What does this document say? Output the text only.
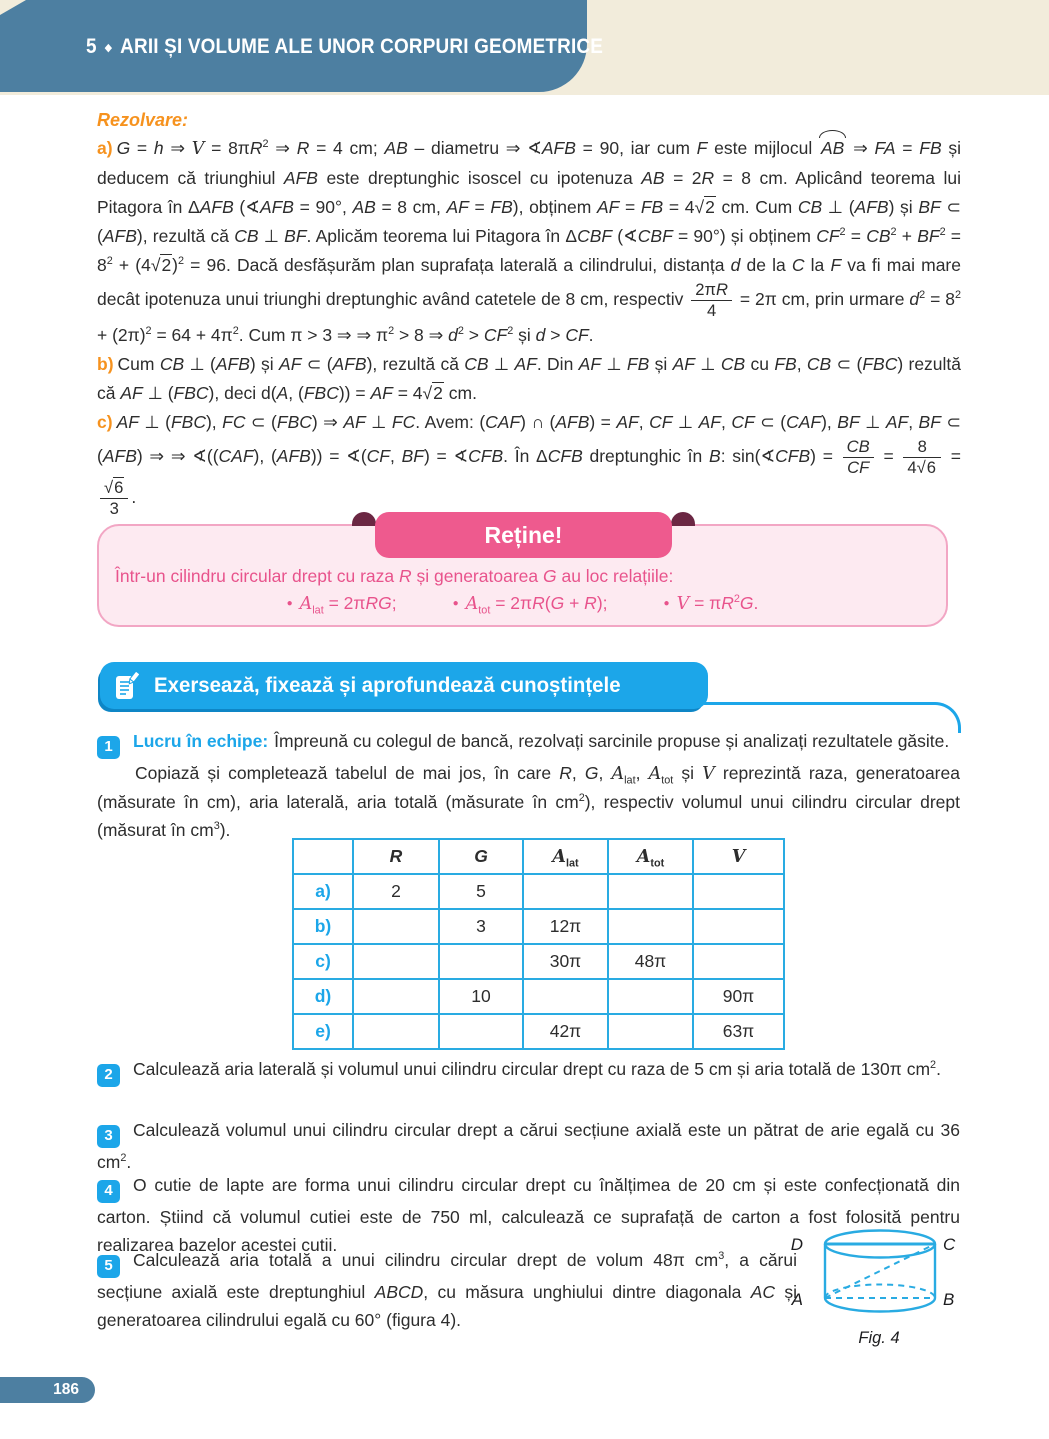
5 ◆ ARII ȘI VOLUME ALE UNOR CORPURI GEOMETRICE

Rezolvare:

a) G = h ⇒ $V = 8\pi R^2$ ⇒ R = 4 cm; AB – diametru ⇒ ∢AFB = 90, iar cum F este mijlocul AB ⇒ FA = FB și deducem că triunghiul AFB este dreptunghic isoscel cu ipotenuza AB = 2R = 8 cm. Aplicând teorema lui Pitagora în ΔAFB (∢AFB = 90°, AB = 8 cm, AF = FB), obținem AF = FB = 4√2 cm. Cum CB ⊥ (AFB) și BF ⊂ (AFB), rezultă că CB ⊥ BF. Aplicăm teorema lui Pitagora în ΔCBF (∢CBF = 90°) și obținem $CF^2 = CB^2 + BF^2 = 8^2 + (4√2)^2 = 96$. Dacă desfășurăm plan suprafața laterală a cilindrului, distanța d de la C la F va fi mai mare decât ipotenuza unui triunghi dreptunghic având catetele de 8 cm, respectiv $\frac{2\pi R}{4} = 2\pi$ cm, prin urmare $d^2 = 8^2 + (2\pi)^2 = 64 + 4\pi^2$. Cum π > 3 ⇒ ⇒ $\pi^2 > 8$ ⇒ $d^2 > CF^2$ și d > CF.

b) Cum CB ⊥ (AFB) și AF ⊂ (AFB), rezultă că CB ⊥ AF. Din AF ⊥ FB și AF ⊥ CB cu FB, CB ⊂ (FBC) rezultă că AF ⊥ (FBC), deci d(A, (FBC)) = AF = 4√2 cm.

c) AF ⊥ (FBC), FC ⊂ (FBC) ⇒ AF ⊥ FC. Avem: (CAF) ∩ (AFB) = AF, CF ⊥ AF, CF ⊂ (CAF), BF ⊥ AF, BF ⊂ (AFB) ⇒ ⇒ ∢((CAF), (AFB)) = ∢(CF, BF) = ∢CFB. În ΔCFB dreptunghic în B: sin(∢CFB) = $\frac{CB}{CF} = \frac{8}{4√6}$ =
$\frac{√6}{3}$ .

Reține!

Într-un cilindru circular drept cu raza R și generatoarea G au loc relațiile:

● $A_{lat} = 2\pi RG$;	● $A_{tot} = 2\pi R(G + R)$;	● $V = \pi R^2G$.
Exersează, fixează și aprofundează cunoștințele

1 Lucru în echipe: Împreună cu colegul de bancă, rezolvați sarcinile propuse și analizați rezultatele găsite.

Copiază și completează tabelul de mai jos, în care R, G, $A_{lat}$, $A_{tot}$ și V reprezintă raza, generatoarea (măsurate în cm), aria laterală, aria totală (măsurate în $cm^2$), respectiv volumul unui cilindru circular drept (măsurat în $cm^3$).

	R	G	$A_{lat}$	$A_{tot}$	V
a)	2	5			
b)		3	12π		
c)			30π	48π	
d)		10			90π
e)			42π		63π

2 Calculează aria laterală și volumul unui cilindru circular drept cu raza de 5 cm și aria totală de 130π $cm^2$.

3 Calculează volumul unui cilindru circular drept a cărui secțiune axială este un pătrat de arie egală cu 36 $cm^2$.

4 O cutie de lapte are forma unui cilindru circular drept cu înălțimea de 20 cm și este confecționată din carton. Știind că volumul cutiei este de 750 ml, calculează ce suprafață de carton a fost folosită pentru realizarea bazelor acestei cutii.

5 Calculează aria totală a unui cilindru circular drept de volum 48π $cm^3$, a cărui secțiune axială este dreptunghiul ABCD, cu măsura unghiului dintre diagonala AC și generatoarea cilindrului egală cu 60° (figura 4).

D	C
A	B
Fig. 4
186
